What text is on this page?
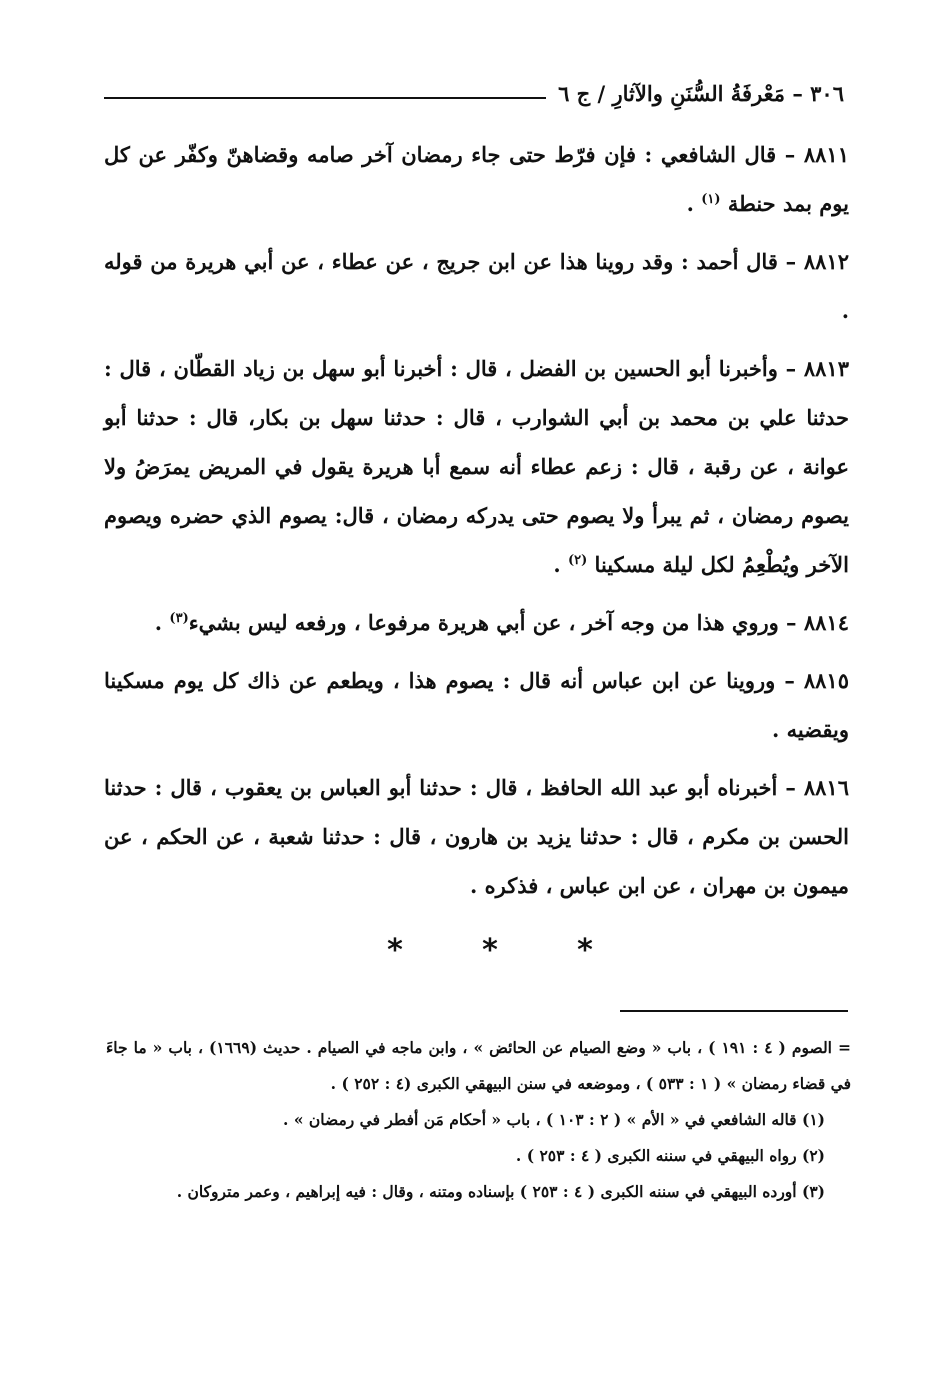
٣٠٦ – مَعْرفَةُ السُّنَنِ والآثارِ / ج ٦

٨٨١١ – قال الشافعي : فإن فرّط حتى جاء رمضان آخر صامه وقضاهنّ وكفّر عن كل يوم بمد حنطة $^{(١)}$ .

٨٨١٢ – قال أحمد : وقد روينا هذا عن ابن جريج ، عن عطاء ، عن أبي هريرة من قوله .

٨٨١٣ – وأخبرنا أبو الحسين بن الفضل ، قال : أخبرنا أبو سهل بن زياد القطّان ، قال : حدثنا علي بن محمد بن أبي الشوارب ، قال : حدثنا سهل بن بكار، قال : حدثنا أبو عوانة ، عن رقبة ، قال : زعم عطاء أنه سمع أبا هريرة يقول في المريض يمرَضُ ولا يصوم رمضان ، ثم يبرأ ولا يصوم حتى يدركه رمضان ، قال: يصوم الذي حضره ويصوم الآخر ويُطْعِمُ لكل ليلة مسكينا $^{(٢)}$ .

٨٨١٤ – وروي هذا من وجه آخر ، عن أبي هريرة مرفوعا ، ورفعه ليس بشيء$^{(٣)}$ .

٨٨١٥ – وروينا عن ابن عباس أنه قال : يصوم هذا ، ويطعم عن ذاك كل يوم مسكينا ويقضيه .

٨٨١٦ – أخبرناه أبو عبد الله الحافظ ، قال : حدثنا أبو العباس بن يعقوب ، قال : حدثنا الحسن بن مكرم ، قال : حدثنا يزيد بن هارون ، قال : حدثنا شعبة ، عن الحكم ، عن ميمون بن مهران ، عن ابن عباس ، فذكره .

*	*	*

= الصوم ( ٤ : ١٩١ ) ، باب « وضع الصيام عن الحائض » ، وابن ماجه في الصيام . حديث (١٦٦٩) ، باب « ما جاءَ في قضاء رمضان » ( ١ : ٥٣٣ ) ، وموضعه في سنن البيهقي الكبرى (٤ : ٢٥٢ ) .

(١) قاله الشافعي في « الأم » ( ٢ : ١٠٣ ) ، باب « أحكام مَن أفطر في رمضان » .

(٢) رواه البيهقي في سننه الكبرى ( ٤ : ٢٥٣ ) .

(٣) أورده البيهقي في سننه الكبرى ( ٤ : ٢٥٣ ) بإسناده ومتنه ، وقال : فيه إبراهيم ، وعمر متروكان .
